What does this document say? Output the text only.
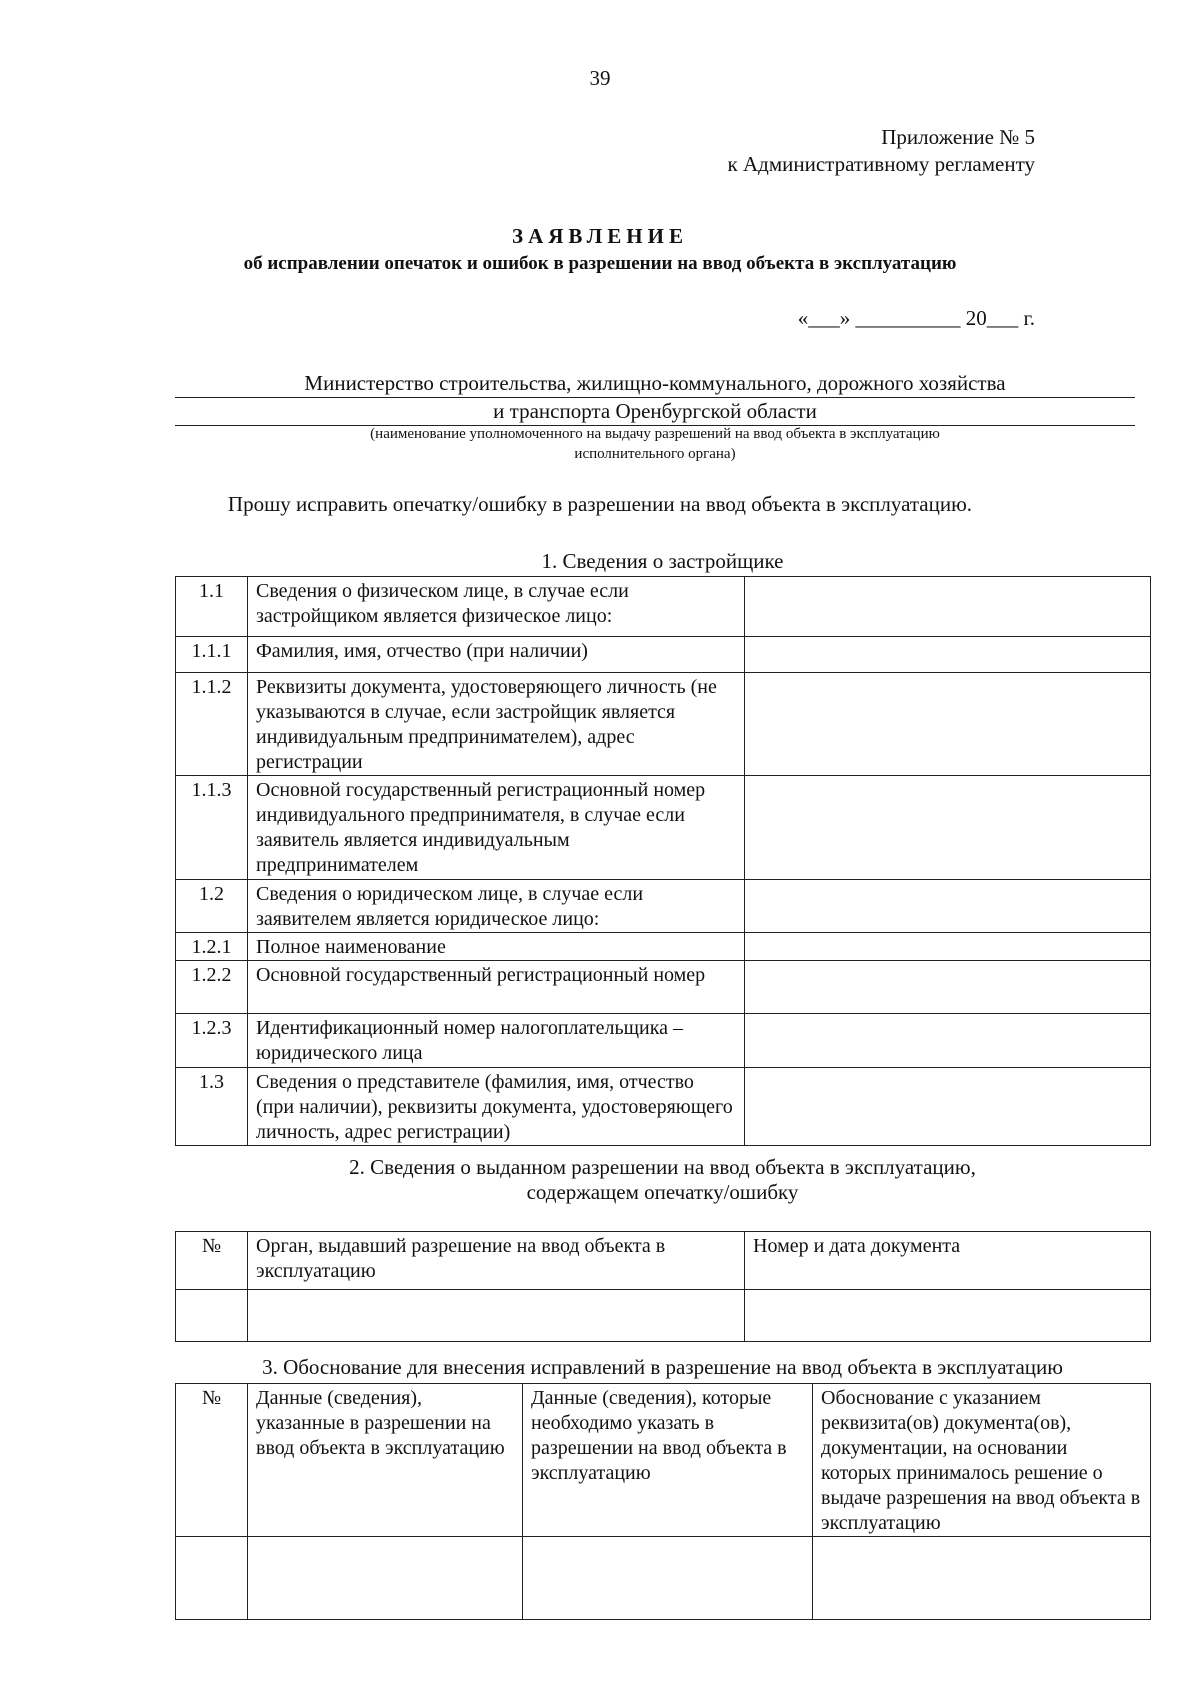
39
Приложение № 5
к Административному регламенту
ЗАЯВЛЕНИЕ
об исправлении опечаток и ошибок в разрешении на ввод объекта в эксплуатацию
«___» __________ 20___ г.
Министерство строительства, жилищно-коммунального, дорожного хозяйства
и транспорта Оренбургской области
(наименование уполномоченного на выдачу разрешений на ввод объекта в эксплуатацию
исполнительного органа)
Прошу исправить опечатку/ошибку в разрешении на ввод объекта в эксплуатацию.
1. Сведения о застройщике
1.1	Сведения о физическом лице, в случае если застройщиком является физическое лицо:	
1.1.1	Фамилия, имя, отчество (при наличии)	
1.1.2	Реквизиты документа, удостоверяющего личность (не указываются в случае, если застройщик является индивидуальным предпринимателем), адрес регистрации	
1.1.3	Основной государственный регистрационный номер индивидуального предпринимателя, в случае если заявитель является индивидуальным предпринимателем	
1.2	Сведения о юридическом лице, в случае если заявителем является юридическое лицо:	
1.2.1	Полное наименование	
1.2.2	Основной государственный регистрационный номер	
1.2.3	Идентификационный номер налогоплательщика – юридического лица	
1.3	Сведения о представителе (фамилия, имя, отчество (при наличии), реквизиты документа, удостоверяющего личность, адрес регистрации)	
2. Сведения о выданном разрешении на ввод объекта в эксплуатацию,
содержащем опечатку/ошибку
№	Орган, выдавший разрешение на ввод объекта в эксплуатацию	Номер и дата документа

3. Обоснование для внесения исправлений в разрешение на ввод объекта в эксплуатацию
№	Данные (сведения), указанные в разрешении на ввод объекта в эксплуатацию	Данные (сведения), которые необходимо указать в разрешении на ввод объекта в эксплуатацию	Обоснование с указанием реквизита(ов) документа(ов), документации, на основании которых принималось решение о выдаче разрешения на ввод объекта в эксплуатацию
